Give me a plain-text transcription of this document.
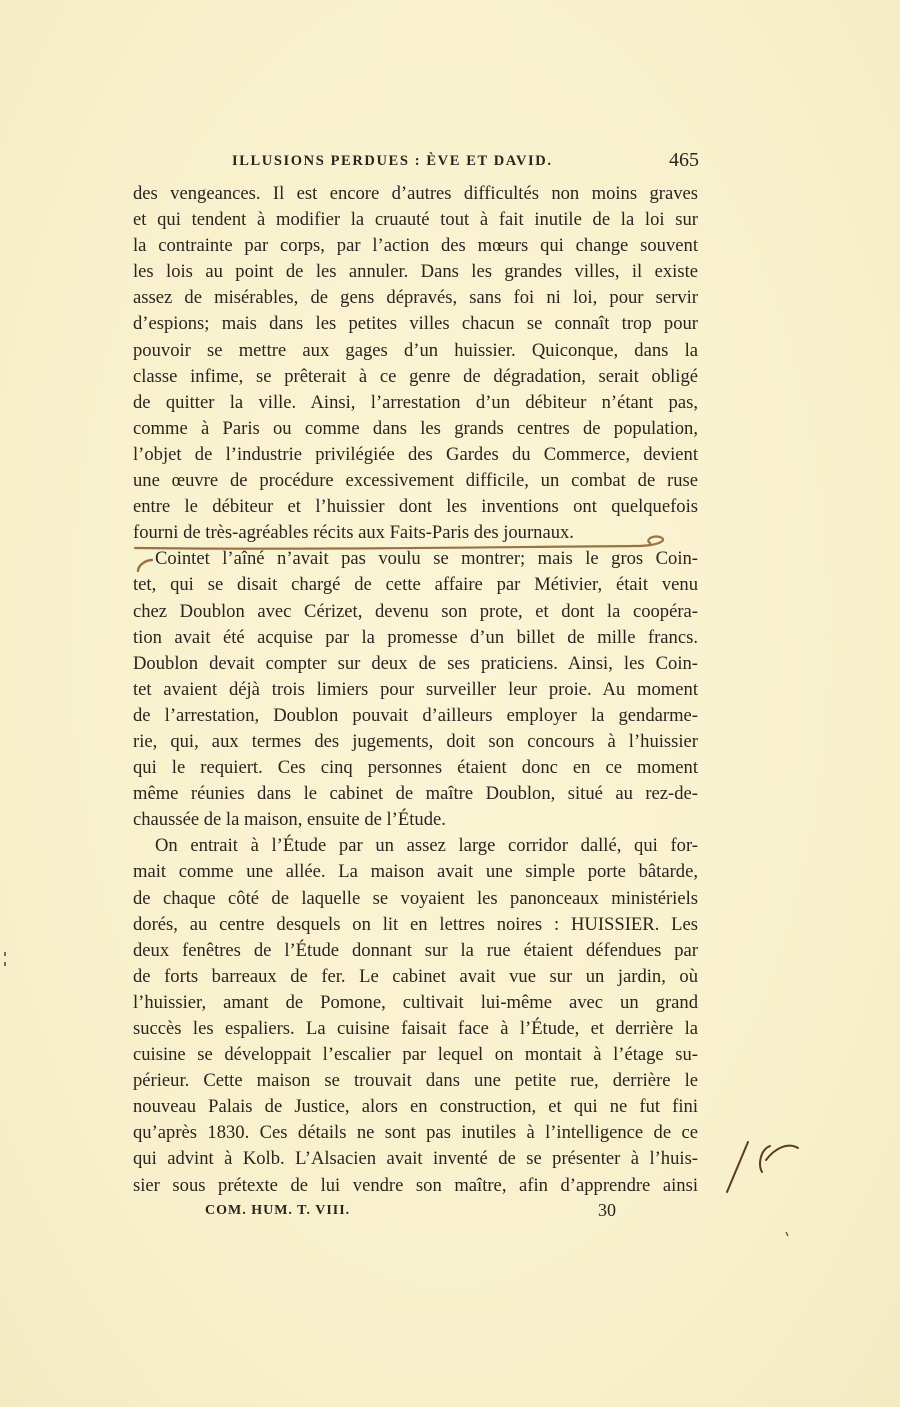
ILLUSIONS PERDUES : ÈVE ET DAVID.	465
des vengeances. Il est encore d’autres difficultés non moins graves
et qui tendent à modifier la cruauté tout à fait inutile de la loi sur
la contrainte par corps, par l’action des mœurs qui change souvent
les lois au point de les annuler. Dans les grandes villes, il existe
assez de misérables, de gens dépravés, sans foi ni loi, pour servir
d’espions; mais dans les petites villes chacun se connaît trop pour
pouvoir se mettre aux gages d’un huissier. Quiconque, dans la
classe infime, se prêterait à ce genre de dégradation, serait obligé
de quitter la ville. Ainsi, l’arrestation d’un débiteur n’étant pas,
comme à Paris ou comme dans les grands centres de population,
l’objet de l’industrie privilégiée des Gardes du Commerce, devient
une œuvre de procédure excessivement difficile, un combat de ruse
entre le débiteur et l’huissier dont les inventions ont quelquefois
fourni de très-agréables récits aux Faits-Paris des journaux.
Cointet l’aîné n’avait pas voulu se montrer; mais le gros Coin-
tet, qui se disait chargé de cette affaire par Métivier, était venu
chez Doublon avec Cérizet, devenu son prote, et dont la coopéra-
tion avait été acquise par la promesse d’un billet de mille francs.
Doublon devait compter sur deux de ses praticiens. Ainsi, les Coin-
tet avaient déjà trois limiers pour surveiller leur proie. Au moment
de l’arrestation, Doublon pouvait d’ailleurs employer la gendarme-
rie, qui, aux termes des jugements, doit son concours à l’huissier
qui le requiert. Ces cinq personnes étaient donc en ce moment
même réunies dans le cabinet de maître Doublon, situé au rez-de-
chaussée de la maison, ensuite de l’Étude.
On entrait à l’Étude par un assez large corridor dallé, qui for-
mait comme une allée. La maison avait une simple porte bâtarde,
de chaque côté de laquelle se voyaient les panonceaux ministériels
dorés, au centre desquels on lit en lettres noires : HUISSIER. Les
deux fenêtres de l’Étude donnant sur la rue étaient défendues par
de forts barreaux de fer. Le cabinet avait vue sur un jardin, où
l’huissier, amant de Pomone, cultivait lui-même avec un grand
succès les espaliers. La cuisine faisait face à l’Étude, et derrière la
cuisine se développait l’escalier par lequel on montait à l’étage su-
périeur. Cette maison se trouvait dans une petite rue, derrière le
nouveau Palais de Justice, alors en construction, et qui ne fut fini
qu’après 1830. Ces détails ne sont pas inutiles à l’intelligence de ce
qui advint à Kolb. L’Alsacien avait inventé de se présenter à l’huis-
sier sous prétexte de lui vendre son maître, afin d’apprendre ainsi
COM. HUM. T. VIII.	30
